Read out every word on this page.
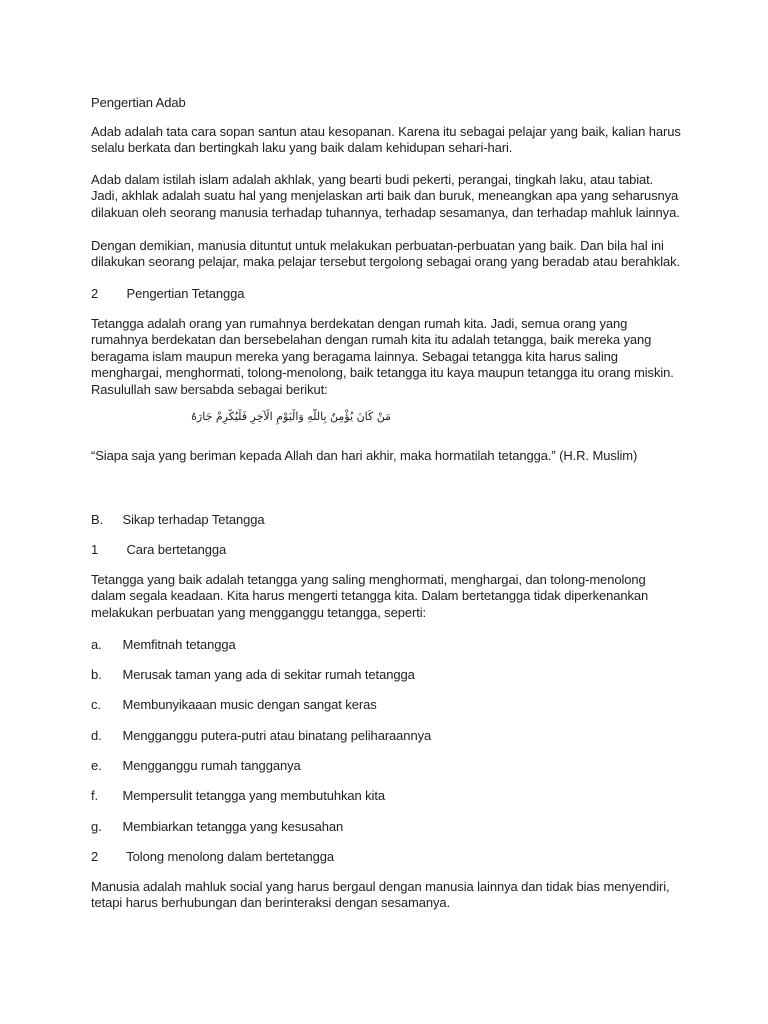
Pengertian Adab

Adab adalah tata cara sopan santun atau kesopanan. Karena itu sebagai pelajar yang baik, kalian harus selalu berkata dan bertingkah laku yang baik dalam kehidupan sehari-hari.

Adab dalam istilah islam adalah akhlak, yang bearti budi pekerti, perangai, tingkah laku, atau tabiat. Jadi, akhlak adalah suatu hal yang menjelaskan arti baik dan buruk, meneangkan apa yang seharusnya dilakuan oleh seorang manusia terhadap tuhannya, terhadap sesamanya, dan terhadap mahluk lainnya.

Dengan demikian, manusia dituntut untuk melakukan perbuatan-perbuatan yang baik. Dan bila hal ini dilakukan seorang pelajar, maka pelajar tersebut tergolong sebagai orang yang beradab atau berahklak.

2 Pengertian Tetangga

Tetangga adalah orang yan rumahnya berdekatan dengan rumah kita. Jadi, semua orang yang rumahnya berdekatan dan bersebelahan dengan rumah kita itu adalah tetangga, baik mereka yang beragama islam maupun mereka yang beragama lainnya. Sebagai tetangga kita harus saling menghargai, menghormati, tolong-menolong, baik tetangga itu kaya maupun tetangga itu orang miskin. Rasulullah saw bersabda sebagai berikut:

مَنْ كَانَ يُؤْمِنُ بِاللَّهِ وَالْيَوْمِ الْآخِرِ فَلْيُكْرِمْ جَارَهُ
“Siapa saja yang beriman kepada Allah dan hari akhir, maka hormatilah tetangga.” (H.R. Muslim)
B. Sikap terhadap Tetangga
1 Cara bertetangga

Tetangga yang baik adalah tetangga yang saling menghormati, menghargai, dan tolong-menolong dalam segala keadaan. Kita harus mengerti tetangga kita. Dalam bertetangga tidak diperkenankan melakukan perbuatan yang mengganggu tetangga, seperti:

a. Memfitnah tetangga
b. Merusak taman yang ada di sekitar rumah tetangga
c. Membunyikaaan music dengan sangat keras
d. Mengganggu putera-putri atau binatang peliharaannya
e. Mengganggu rumah tangganya
f. Mempersulit tetangga yang membutuhkan kita
g. Membiarkan tetangga yang kesusahan
2 Tolong menolong dalam bertetangga

Manusia adalah mahluk social yang harus bergaul dengan manusia lainnya dan tidak bias menyendiri, tetapi harus berhubungan dan berinteraksi dengan sesamanya.
